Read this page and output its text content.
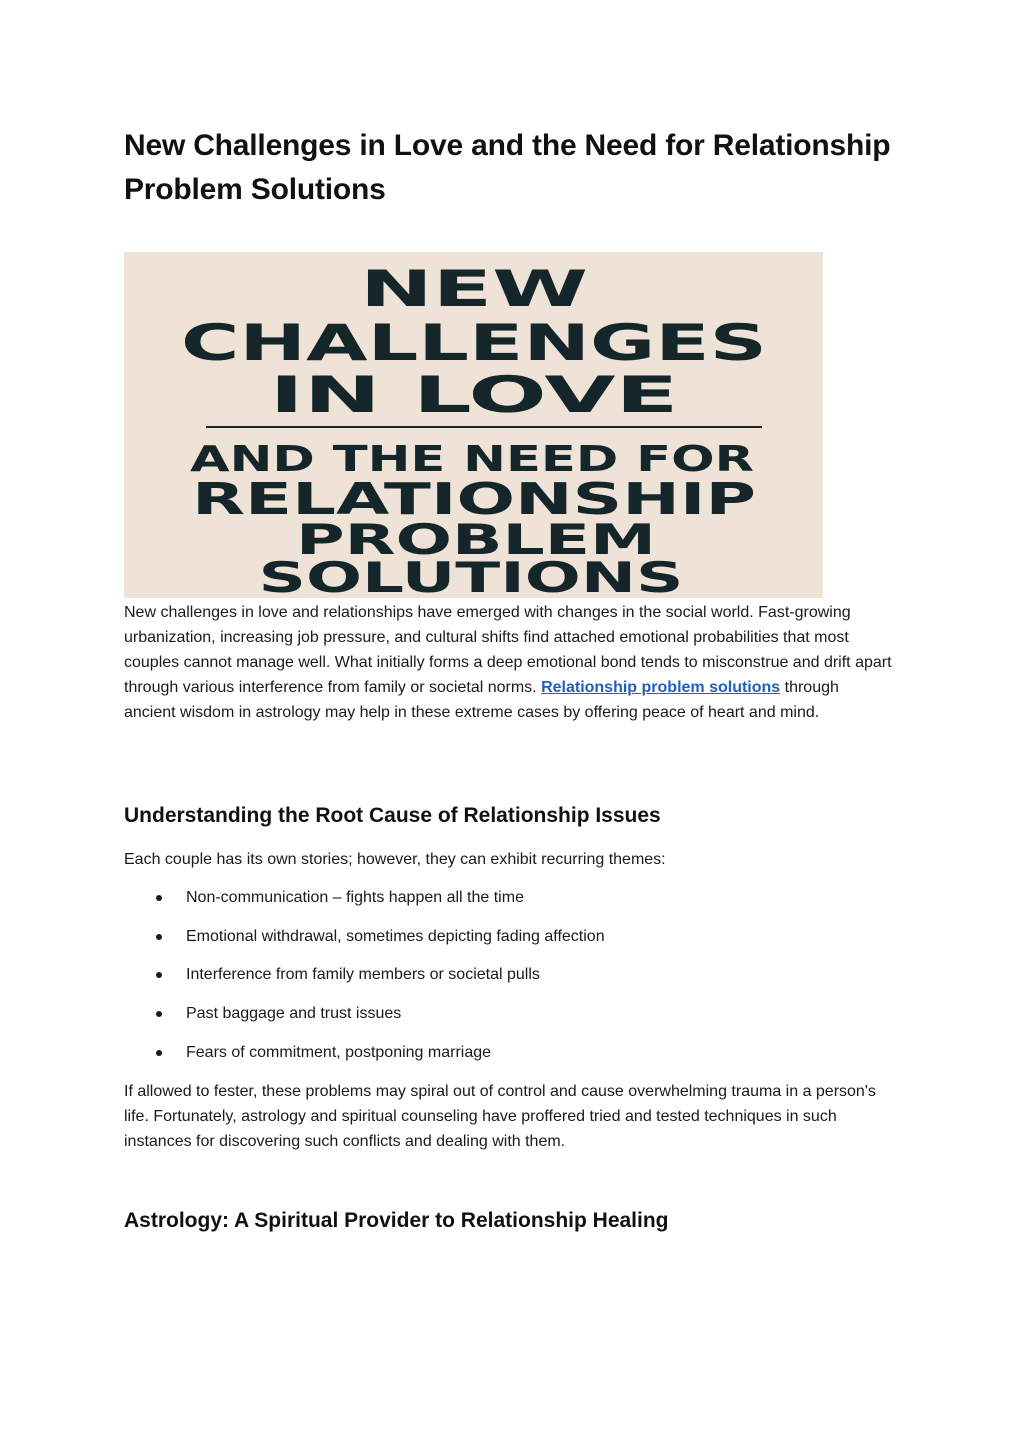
New Challenges in Love and the Need for Relationship Problem Solutions
NEW
CHALLENGES
IN LOVE
AND THE NEED FOR
RELATIONSHIP
PROBLEM
SOLUTIONS

New challenges in love and relationships have emerged with changes in the social world. Fast-growing urbanization, increasing job pressure, and cultural shifts find attached emotional probabilities that most couples cannot manage well. What initially forms a deep emotional bond tends to misconstrue and drift apart through various interference from family or societal norms. Relationship problem solutions through ancient wisdom in astrology may help in these extreme cases by offering peace of heart and mind.

Understanding the Root Cause of Relationship Issues

Each couple has its own stories; however, they can exhibit recurring themes:

Non-communication – fights happen all the time
Emotional withdrawal, sometimes depicting fading affection
Interference from family members or societal pulls
Past baggage and trust issues
Fears of commitment, postponing marriage

If allowed to fester, these problems may spiral out of control and cause overwhelming trauma in a person's life. Fortunately, astrology and spiritual counseling have proffered tried and tested techniques in such instances for discovering such conflicts and dealing with them.

Astrology: A Spiritual Provider to Relationship Healing
